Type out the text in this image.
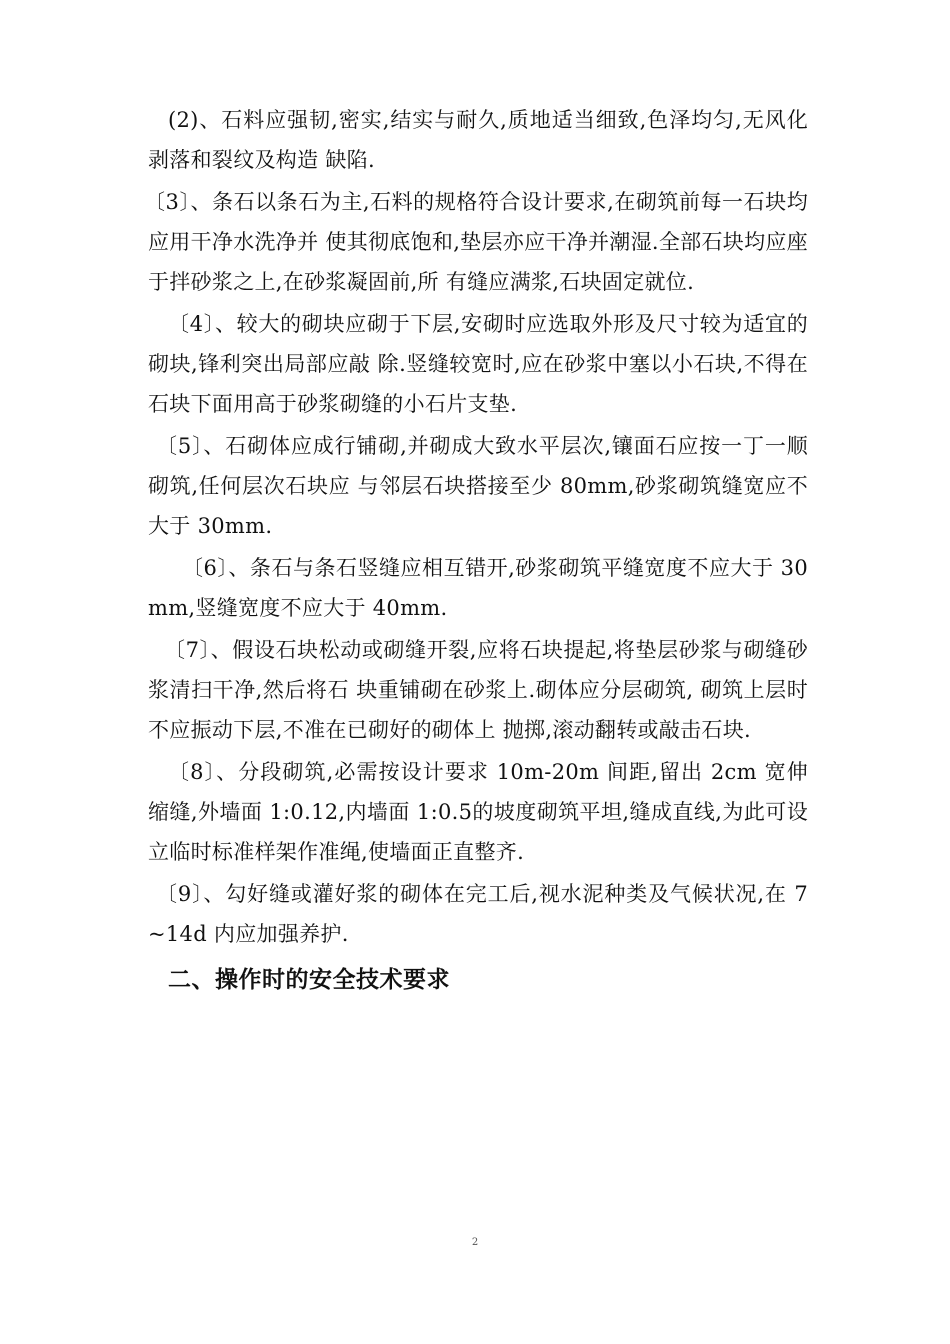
(2)、石料应强韧,密实,结实与耐久,质地适当细致,色泽均匀,无风化剥落和裂纹及构造 缺陷.

〔3〕、条石以条石为主,石料的规格符合设计要求,在砌筑前每一石块均应用干净水洗净并 使其彻底饱和,垫层亦应干净并潮湿.全部石块均应座于拌砂浆之上,在砂浆凝固前,所 有缝应满浆,石块固定就位.

〔4〕、较大的砌块应砌于下层,安砌时应选取外形及尺寸较为适宜的砌块,锋利突出局部应敲 除.竖缝较宽时,应在砂浆中塞以小石块,不得在石块下面用高于砂浆砌缝的小石片支垫.

〔5〕、石砌体应成行铺砌,并砌成大致水平层次,镶面石应按一丁一顺砌筑,任何层次石块应 与邻层石块搭接至少 80mm,砂浆砌筑缝宽应不大于 30mm.

〔6〕、条石与条石竖缝应相互错开,砂浆砌筑平缝宽度不应大于 30mm,竖缝宽度不应大于 40mm.

〔7〕、假设石块松动或砌缝开裂,应将石块提起,将垫层砂浆与砌缝砂浆清扫干净,然后将石 块重铺砌在砂浆上.砌体应分层砌筑, 砌筑上层时不应振动下层,不准在已砌好的砌体上 抛掷,滚动翻转或敲击石块.

〔8〕、分段砌筑,必需按设计要求 10m-20m 间距,留出 2cm 宽伸缩缝,外墙面 1:0.12,内墙面 1:0.5的坡度砌筑平坦,缝成直线,为此可设立临时标准样架作准绳,使墙面正直整齐.

〔9〕、勾好缝或灌好浆的砌体在完工后,视水泥种类及气候状况,在 7~14d 内应加强养护.

二、操作时的安全技术要求
2
